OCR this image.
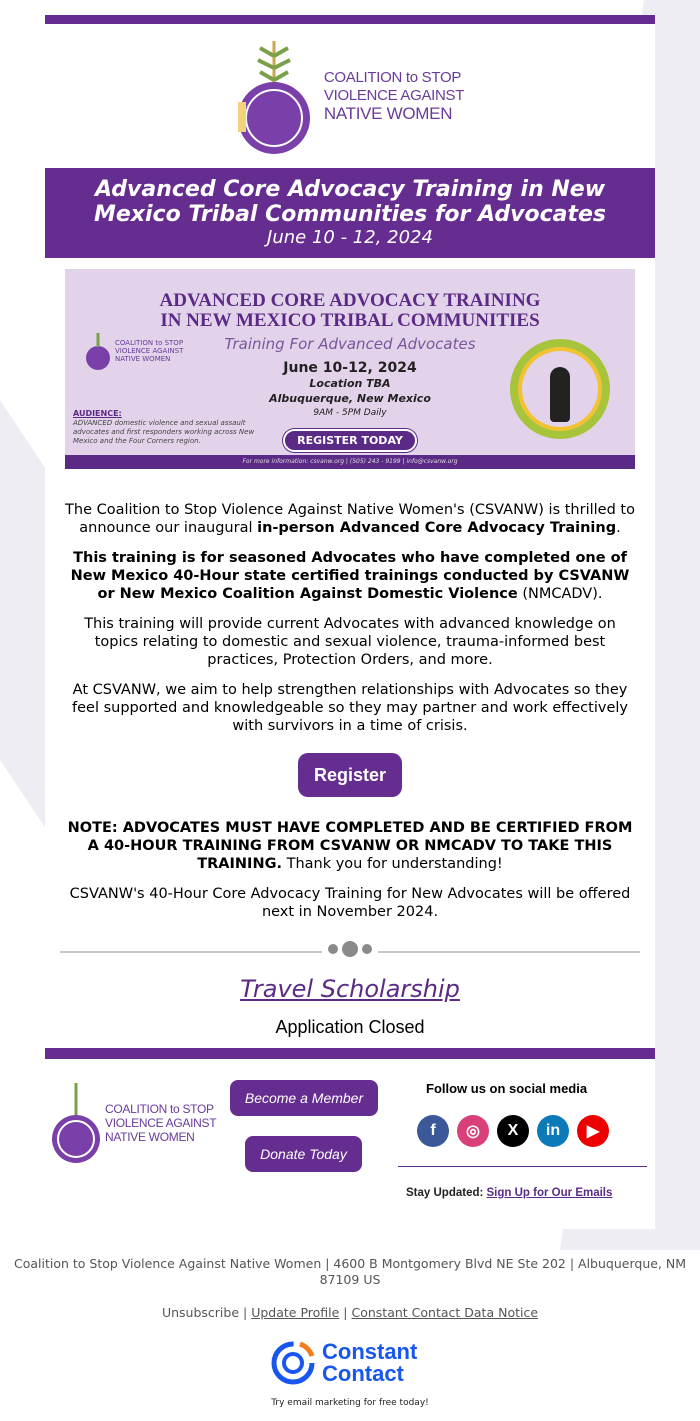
COALITION to STOP
VIOLENCE AGAINST
NATIVE WOMEN
Advanced Core Advocacy Training in New Mexico Tribal Communities for Advocates
June 10 - 12, 2024
ADVANCED CORE ADVOCACY TRAINING
IN NEW MEXICO TRIBAL COMMUNITIES
Training For Advanced Advocates
COALITION to STOP
VIOLENCE AGAINST
NATIVE WOMEN
June 10-12, 2024
Location TBA
Albuquerque, New Mexico
9AM - 5PM Daily
REGISTER TODAY
AUDIENCE:
ADVANCED domestic violence and sexual assault advocates and first responders working across New Mexico and the Four Corners region.
For more information: csvanw.org | (505) 243 - 9199 | info@csvanw.org

The Coalition to Stop Violence Against Native Women's (CSVANW) is thrilled to announce our inaugural in-person Advanced Core Advocacy Training.

This training is for seasoned Advocates who have completed one of New Mexico 40-Hour state certified trainings conducted by CSVANW or New Mexico Coalition Against Domestic Violence (NMCADV).

This training will provide current Advocates with advanced knowledge on topics relating to domestic and sexual violence, trauma-informed best practices, Protection Orders, and more.

At CSVANW, we aim to help strengthen relationships with Advocates so they feel supported and knowledgeable so they may partner and work effectively with survivors in a time of crisis.

Register

NOTE: ADVOCATES MUST HAVE COMPLETED AND BE CERTIFIED FROM A 40-HOUR TRAINING FROM CSVANW OR NMCADV TO TAKE THIS TRAINING. Thank you for understanding!

CSVANW's 40-Hour Core Advocacy Training for New Advocates will be offered next in November 2024.

Travel Scholarship
Application Closed
COALITION to STOP
VIOLENCE AGAINST
NATIVE WOMEN
Become a Member
Donate Today
Follow us on social media
f	◎	X	in	▶
Stay Updated: Sign Up for Our Emails
Coalition to Stop Violence Against Native Women | 4600 B Montgomery Blvd NE Ste 202 | Albuquerque, NM 87109 US
Unsubscribe | Update Profile | Constant Contact Data Notice
Constant
Contact
Try email marketing for free today!
